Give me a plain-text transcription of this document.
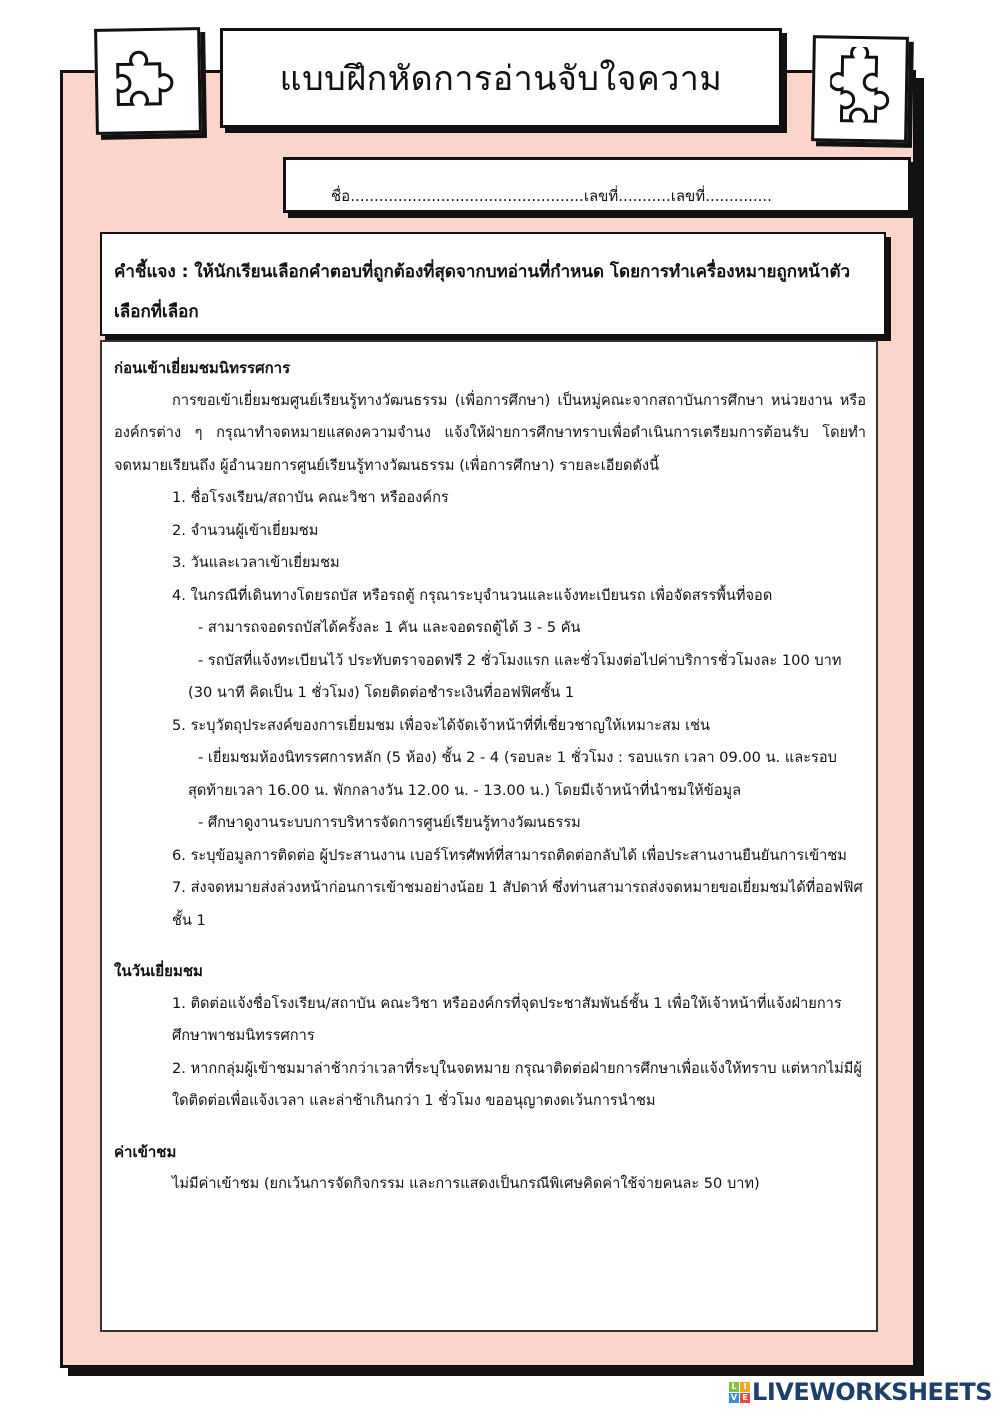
แบบฝึกหัดการอ่านจับใจความ
ชื่อ.................................................เลขที่...........เลขที่..............
คำชี้แจง : ให้นักเรียนเลือกคำตอบที่ถูกต้องที่สุดจากบทอ่านที่กำหนด โดยการทำเครื่องหมายถูกหน้าตัวเลือกที่เลือก
ก่อนเข้าเยี่ยมชมนิทรรศการ
การขอเข้าเยี่ยมชมศูนย์เรียนรู้ทางวัฒนธรรม (เพื่อการศึกษา) เป็นหมู่คณะจากสถาบันการศึกษา หน่วยงาน หรือองค์กรต่าง ๆ กรุณาทำจดหมายแสดงความจำนง แจ้งให้ฝ่ายการศึกษาทราบเพื่อดำเนินการเตรียมการต้อนรับ โดยทำจดหมายเรียนถึง ผู้อำนวยการศูนย์เรียนรู้ทางวัฒนธรรม (เพื่อการศึกษา) รายละเอียดดังนี้
1. ชื่อโรงเรียน/สถาบัน คณะวิชา หรือองค์กร
2. จำนวนผู้เข้าเยี่ยมชม
3. วันและเวลาเข้าเยี่ยมชม
4. ในกรณีที่เดินทางโดยรถบัส หรือรถตู้ กรุณาระบุจำนวนและแจ้งทะเบียนรถ เพื่อจัดสรรพื้นที่จอด
- สามารถจอดรถบัสได้ครั้งละ 1 คัน และจอดรถตู้ได้ 3 - 5 คัน
- รถบัสที่แจ้งทะเบียนไว้ ประทับตราจอดฟรี 2 ชั่วโมงแรก และชั่วโมงต่อไปค่าบริการชั่วโมงละ 100 บาท (30 นาที คิดเป็น 1 ชั่วโมง) โดยติดต่อชำระเงินที่ออฟฟิศชั้น 1
5. ระบุวัตถุประสงค์ของการเยี่ยมชม เพื่อจะได้จัดเจ้าหน้าที่ที่เชี่ยวชาญให้เหมาะสม เช่น
- เยี่ยมชมห้องนิทรรศการหลัก (5 ห้อง) ชั้น 2 - 4 (รอบละ 1 ชั่วโมง : รอบแรก เวลา 09.00 น. และรอบสุดท้ายเวลา 16.00 น. พักกลางวัน 12.00 น. - 13.00 น.) โดยมีเจ้าหน้าที่นำชมให้ข้อมูล
- ศึกษาดูงานระบบการบริหารจัดการศูนย์เรียนรู้ทางวัฒนธรรม
6. ระบุข้อมูลการติดต่อ ผู้ประสานงาน เบอร์โทรศัพท์ที่สามารถติดต่อกลับได้ เพื่อประสานงานยืนยันการเข้าชม
7. ส่งจดหมายส่งล่วงหน้าก่อนการเข้าชมอย่างน้อย 1 สัปดาห์ ซึ่งท่านสามารถส่งจดหมายขอเยี่ยมชมได้ที่ออฟฟิศชั้น 1
ในวันเยี่ยมชม
1. ติดต่อแจ้งชื่อโรงเรียน/สถาบัน คณะวิชา หรือองค์กรที่จุดประชาสัมพันธ์ชั้น 1 เพื่อให้เจ้าหน้าที่แจ้งฝ่ายการศึกษาพาชมนิทรรศการ
2. หากกลุ่มผู้เข้าชมมาล่าช้ากว่าเวลาที่ระบุในจดหมาย กรุณาติดต่อฝ่ายการศึกษาเพื่อแจ้งให้ทราบ แต่หากไม่มีผู้ใดติดต่อเพื่อแจ้งเวลา และล่าช้าเกินกว่า 1 ชั่วโมง ขออนุญาตงดเว้นการนำชม
ค่าเข้าชม
ไม่มีค่าเข้าชม (ยกเว้นการจัดกิจกรรม และการแสดงเป็นกรณีพิเศษคิดค่าใช้จ่ายคนละ 50 บาท)
L I
V E LIVEWORKSHEETS
